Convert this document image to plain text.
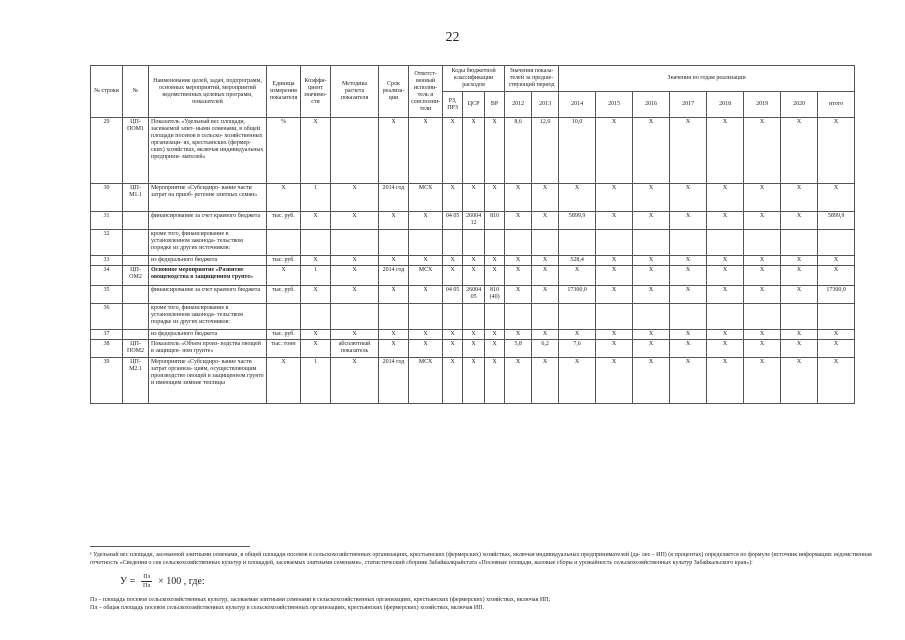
22
№ строки	№	Наименование целей, задач, подпрограмм, основных мероприятий, мероприятий ведомственных целевых программ, показателей	Единица измерения показателя	Коэффи- циент значимо- сти	Методика расчета показателя	Срок реализа- ции	Ответст- венный исполни- тель и соисполни- тели	Коды бюджетной классификации расходов			Значения показа- телей за предше- ствующий период		Значения по годам реализации							

								РЗ, ПРЗ	ЦСР	ВР	2012	2013	2014	2015	2016	2017	2018	2019	2020	итого
29	ЦП- ПОМ1	Показатель «Удельный вес площади, засеваемой элит- ными семенами, в общей площади посевов в сельско- хозяйственных организаци- ях, крестьянских (фермер- ских) хозяйствах, включая индивидуальных предприни- мателей»	%	Х		Х	Х	Х	Х	Х	8,6	12,0	10,0	Х	Х	Х	Х	Х	Х	Х
30	ЦП- М1.1	Мероприятие «Субсидиро- вание части затрат на приоб- ретение элитных семян»	Х	1	Х	2014 год	МСХ	Х	Х	Х	Х	Х	Х	Х	Х	Х	Х	Х	Х	Х
31		финансирование за счет краевого бюджета	тыс. руб.	Х	Х	Х	Х	04 05	26004 12	810	Х	Х	5899,9	Х	Х	Х	Х	Х	Х	5899,9
32		кроме того, финансирование в установленном законода- тельством порядке из других источников:																		
33		из федерального бюджета	тыс. руб.	Х	Х	Х	Х	Х	Х	Х	Х	Х	528,4	Х	Х	Х	Х	Х	Х	Х
34	ЦП- ОМ2	Основное мероприятие «Развитие овощеводства в защищенном грунте»	Х	1	Х	2014 год	МСХ	Х	Х	Х	Х	Х	Х	Х	Х	Х	Х	Х	Х	Х
35		финансирование за счет краевого бюджета	тыс. руб.	Х	Х	Х	Х	04 05	26004 05	810 (40)	Х	Х	17300,0	Х	Х	Х	Х	Х	Х	17300,0
36		кроме того, финансирование в установленном законода- тельством порядке из других источников:																		
37		из федерального бюджета	тыс. руб.	Х	Х	Х	Х	Х	Х	Х	Х	Х	Х	Х	Х	Х	Х	Х	Х	Х
38	ЦП- ПОМ2	Показатель «Объем произ- водства овощей в защищен- ном грунте»	тыс. тонн	Х	абсолютный показатель	Х	Х	Х	Х	Х	5,8	6,2	7,6	Х	Х	Х	Х	Х	Х	Х
39	ЦП- М2.1	Мероприятие «Субсидиро- вание части затрат организа- циям, осуществляющим производство овощей в защищенном грунте и имеющим зимние теплицы	Х	1	Х	2014 год	МСХ	Х	Х	Х	Х	Х	Х	Х	Х	Х	Х	Х	Х	Х
¹ Удельный вес площади, засеваемой элитными семенами, в общей площади посевов в сельскохозяйственных организациях, крестьянских (фермерских) хозяйствах, включая индивидуальных предпринимателей (да- лее – ИП) (в процентах) определяется по формуле (источник информации: ведомственная отчетность «Сведения о сев сельскохозяйственных культур и площадей, засеваемых элитными семенами», статистический сборник Забайкалкрайстата «Посевные площади, валовые сборы и урожайность сельскохозяйственных культур Забайкальского края»):
$У = \frac{Пэ}{Пл} \times 100$ , где:
Пэ – площадь посевов сельскохозяйственных культур, засеваемая элитными семенами в сельскохозяйственных организациях, крестьянских (фермерских) хозяйствах, включая ИП;
Пл – общая площадь посевов сельскохозяйственных культур в сельскохозяйственных организациях, крестьянских (фермерских) хозяйствах, включая ИП.
